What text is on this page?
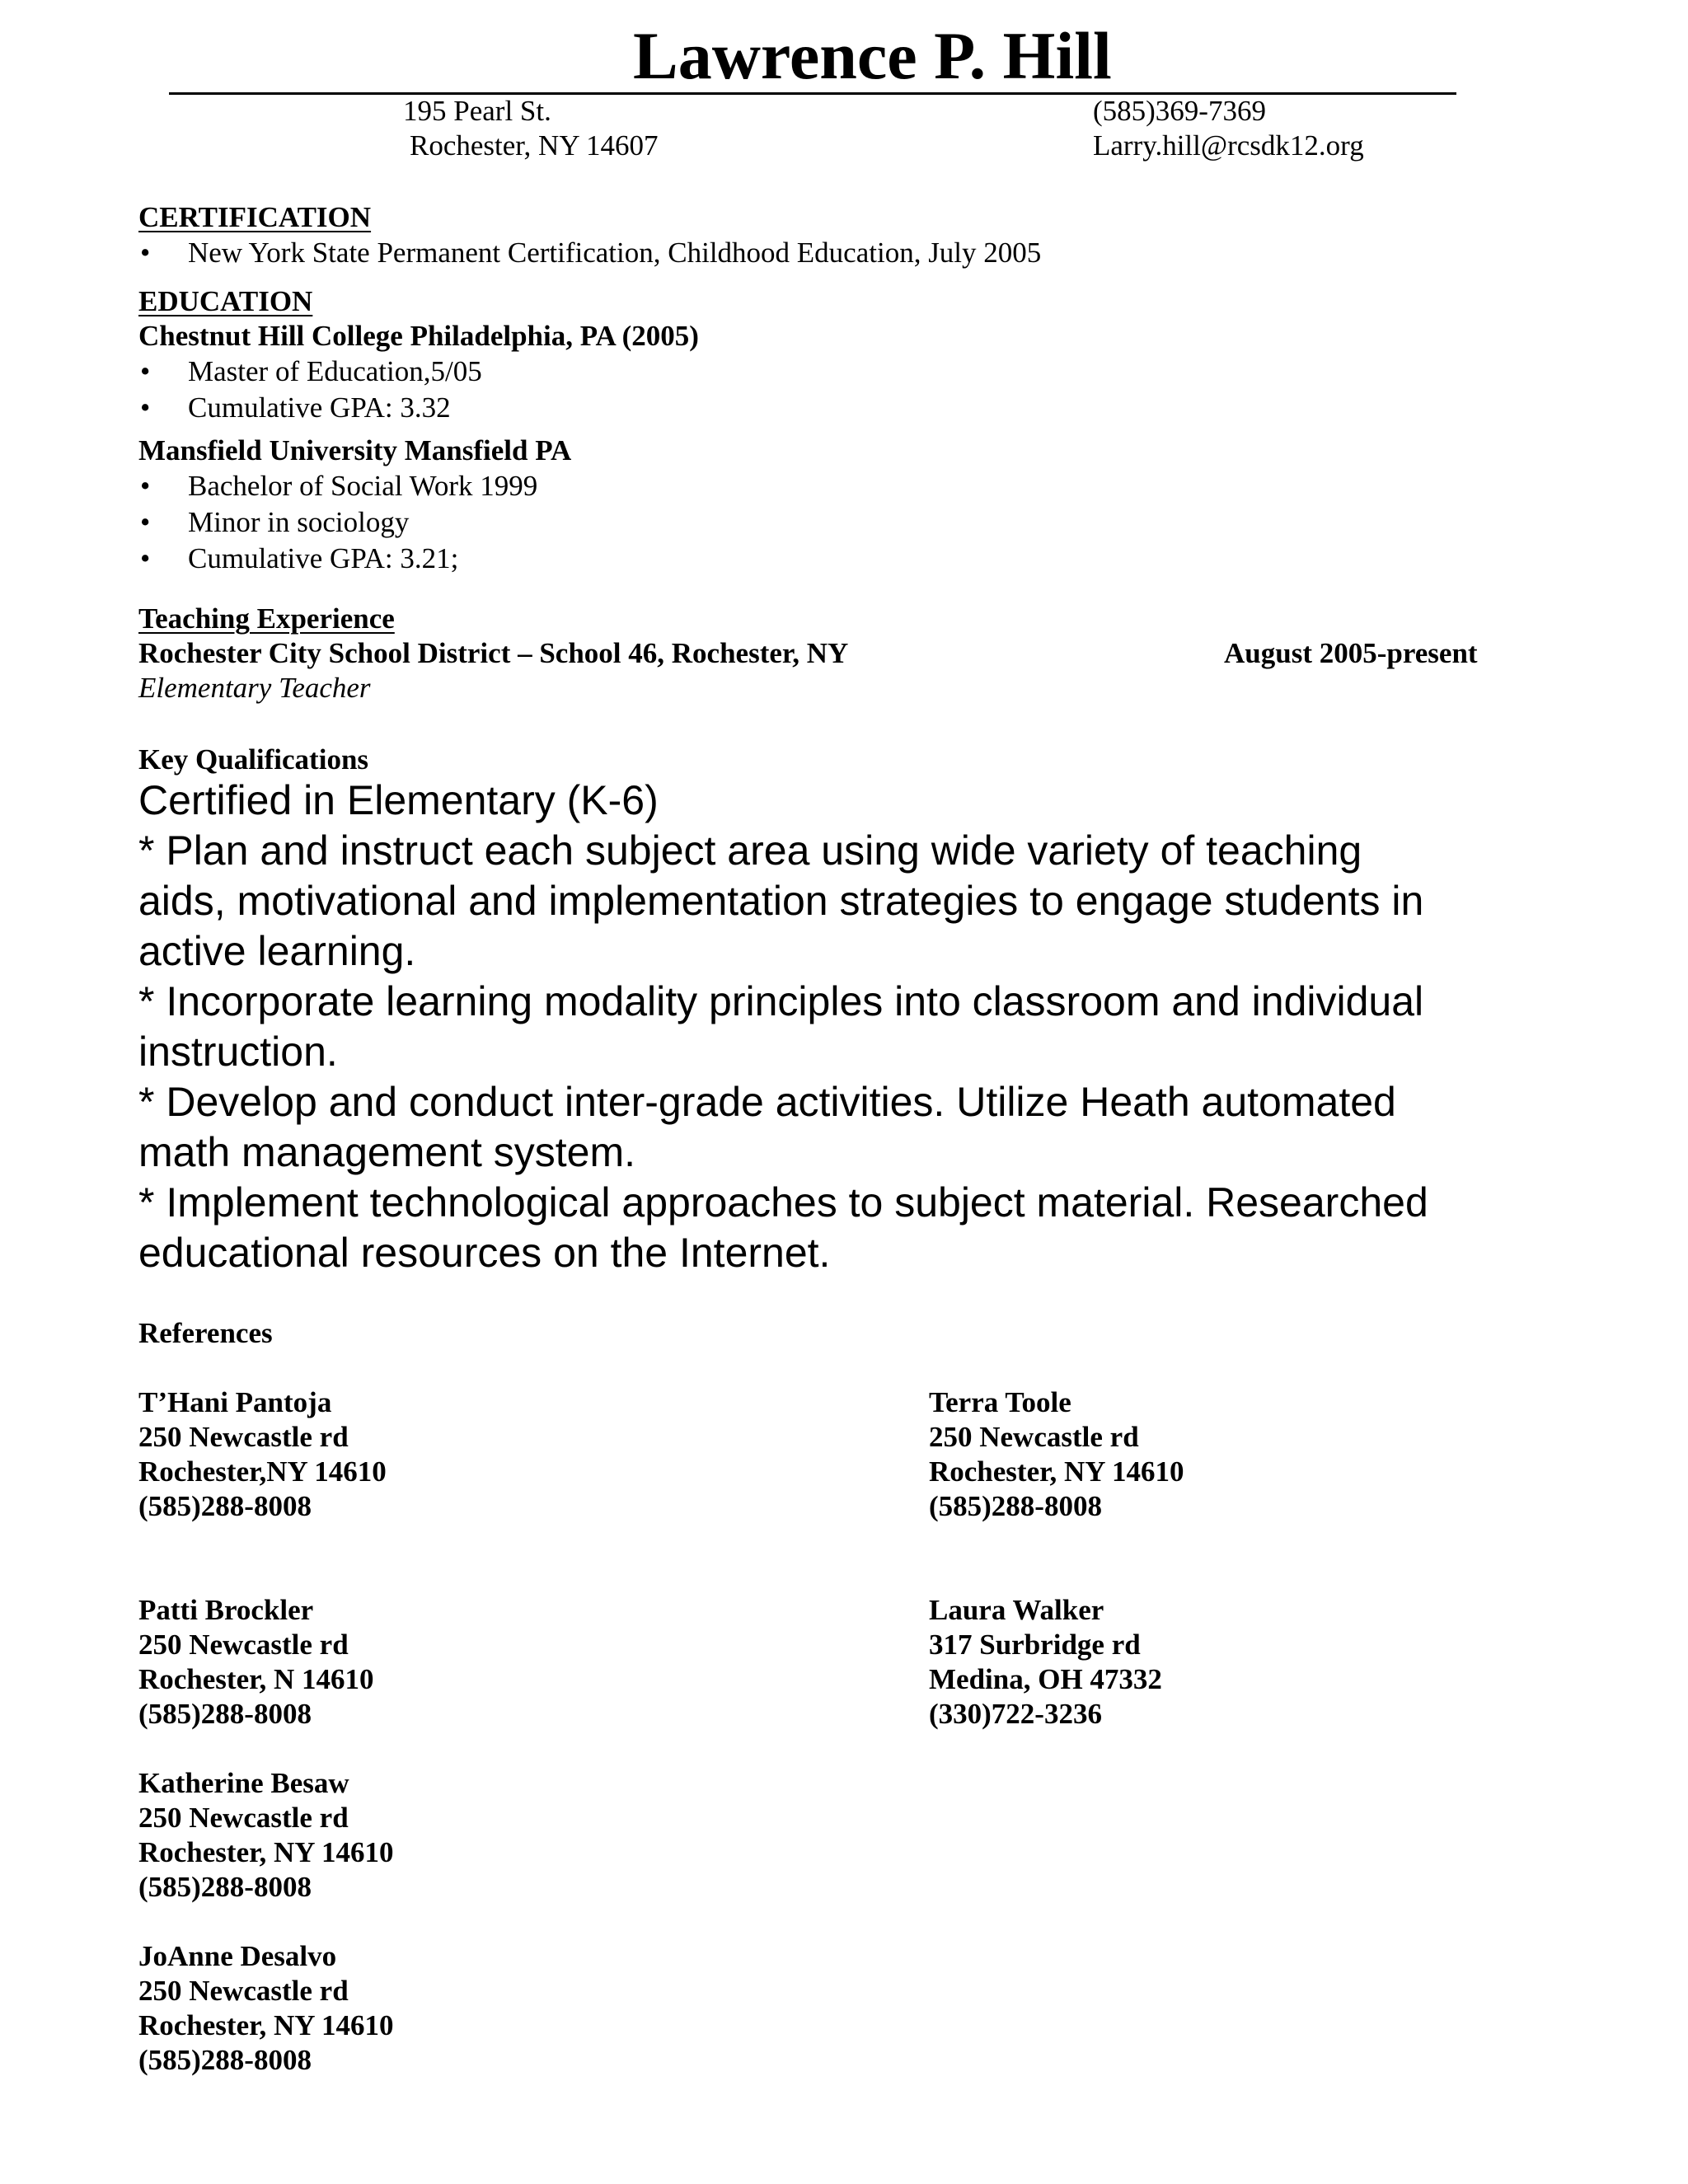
Lawrence P. Hill
195 Pearl St.
Rochester, NY 14607
(585)369-7369
Larry.hill@rcsdk12.org
CERTIFICATION
• New York State Permanent Certification, Childhood Education, July 2005
EDUCATION
Chestnut Hill College Philadelphia, PA (2005)
• Master of Education,5/05
• Cumulative GPA: 3.32
Mansfield University Mansfield PA
• Bachelor of Social Work 1999
• Minor in sociology
• Cumulative GPA: 3.21;
Teaching Experience
Rochester City School District – School 46, Rochester, NY	August 2005-present
Elementary Teacher
Key Qualifications
Certified in Elementary (K-6)
* Plan and instruct each subject area using wide variety of teaching
aids, motivational and implementation strategies to engage students in
active learning.
* Incorporate learning modality principles into classroom and individual
instruction.
* Develop and conduct inter-grade activities. Utilize Heath automated
math management system.
* Implement technological approaches to subject material. Researched
educational resources on the Internet.
References
T’Hani Pantoja
250 Newcastle rd
Rochester,NY 14610
(585)288-8008
Terra Toole
250 Newcastle rd
Rochester, NY 14610
(585)288-8008
Patti Brockler
250 Newcastle rd
Rochester, N 14610
(585)288-8008
Laura Walker
317 Surbridge rd
Medina, OH 47332
(330)722-3236
Katherine Besaw
250 Newcastle rd
Rochester, NY 14610
(585)288-8008
JoAnne Desalvo
250 Newcastle rd
Rochester, NY 14610
(585)288-8008
